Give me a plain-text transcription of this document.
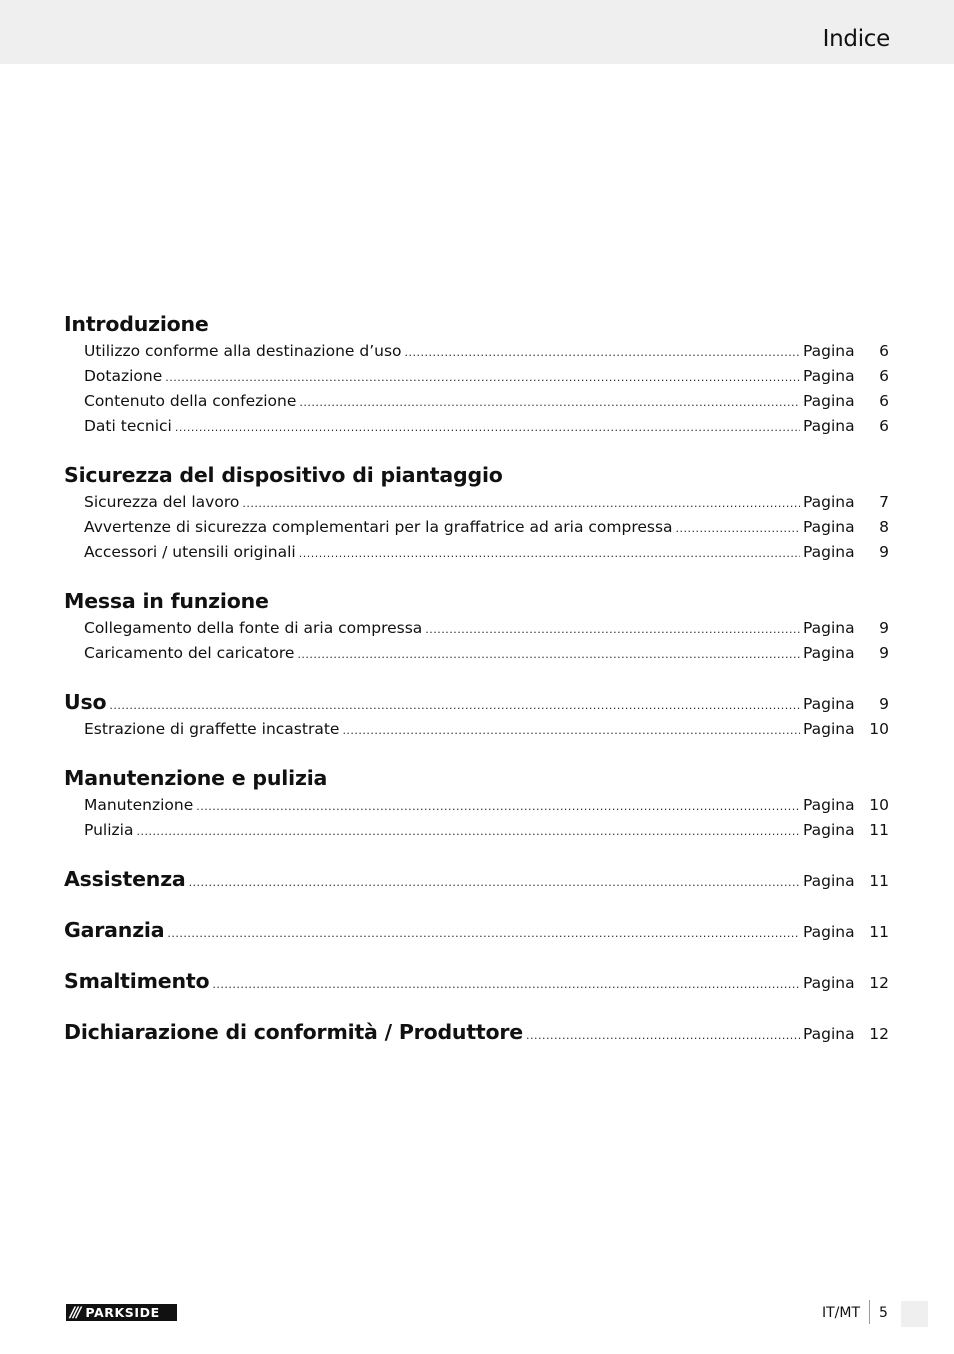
Indice
Introduzione
Utilizzo conforme alla destinazione d’uso .....	Pagina	6
Dotazione .....	Pagina	6
Contenuto della confezione .....	Pagina	6
Dati tecnici .....	Pagina	6
Sicurezza del dispositivo di piantaggio
Sicurezza del lavoro .....	Pagina	7
Avvertenze di sicurezza complementari per la graffatrice ad aria compressa .....	Pagina	8
Accessori / utensili originali .....	Pagina	9
Messa in funzione
Collegamento della fonte di aria compressa .....	Pagina	9
Caricamento del caricatore .....	Pagina	9
Uso .....	Pagina	9
Estrazione di graffette incastrate .....	Pagina 10
Manutenzione e pulizia
Manutenzione .....	Pagina 10
Pulizia .....	Pagina 11
Assistenza .....	Pagina 11
Garanzia .....	Pagina 11
Smaltimento .....	Pagina 12
Dichiarazione di conformità / Produttore .....	Pagina 12
/// PARKSIDE	IT/MT 5
